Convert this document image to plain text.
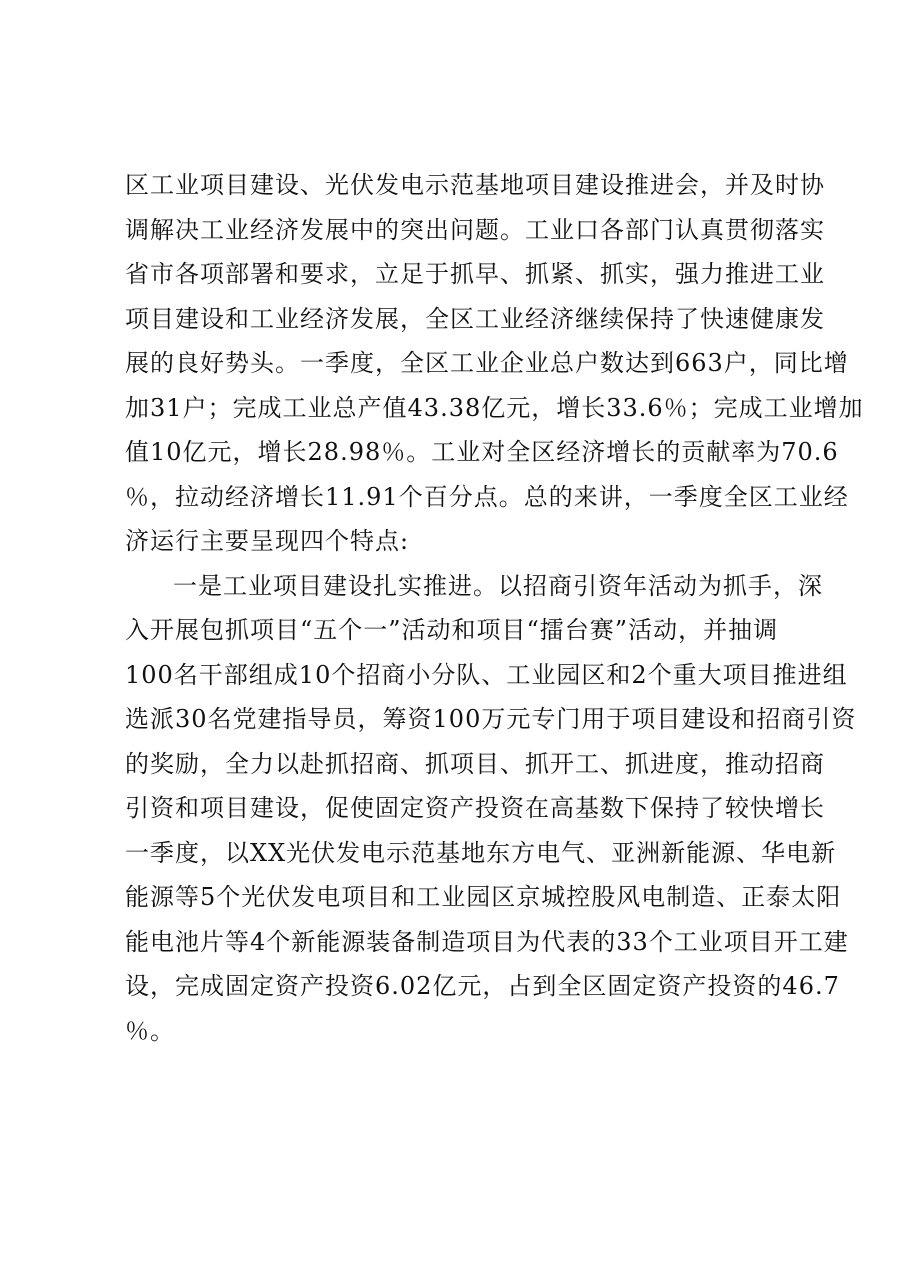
区工业项目建设、光伏发电示范基地项目建设推进会，并及时协
调解决工业经济发展中的突出问题。工业口各部门认真贯彻落实
省市各项部署和要求，立足于抓早、抓紧、抓实，强力推进工业
项目建设和工业经济发展，全区工业经济继续保持了快速健康发
展的良好势头。一季度，全区工业企业总户数达到663户，同比增
加31户；完成工业总产值43.38亿元，增长33.6％；完成工业增加
值10亿元，增长28.98％。工业对全区经济增长的贡献率为70.6
％，拉动经济增长11.91个百分点。总的来讲，一季度全区工业经
济运行主要呈现四个特点:
一是工业项目建设扎实推进。以招商引资年活动为抓手，深
入开展包抓项目“五个一”活动和项目“擂台赛”活动，并抽调
100名干部组成10个招商小分队、工业园区和2个重大项目推进组
选派30名党建指导员，筹资100万元专门用于项目建设和招商引资
的奖励，全力以赴抓招商、抓项目、抓开工、抓进度，推动招商
引资和项目建设，促使固定资产投资在高基数下保持了较快增长
一季度，以XX光伏发电示范基地东方电气、亚洲新能源、华电新
能源等5个光伏发电项目和工业园区京城控股风电制造、正泰太阳
能电池片等4个新能源装备制造项目为代表的33个工业项目开工建
设，完成固定资产投资6.02亿元，占到全区固定资产投资的46.7
％。
